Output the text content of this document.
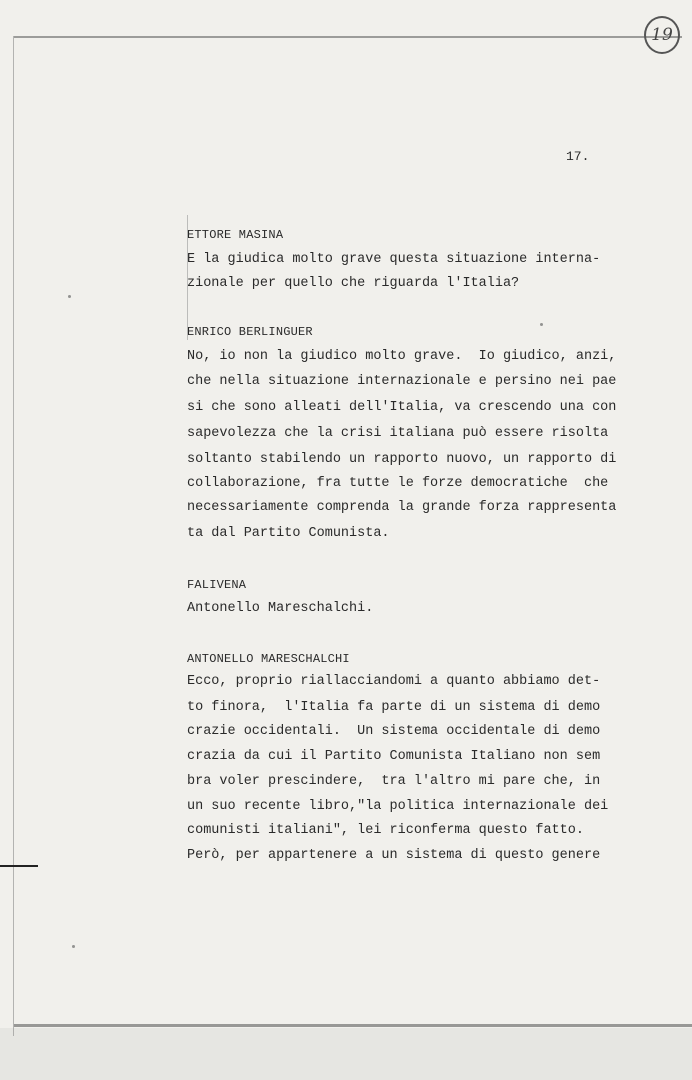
19
17.
ETTORE MASINA
E la giudica molto grave questa situazione interna-
zionale per quello che riguarda l'Italia?
ENRICO BERLINGUER
No, io non la giudico molto grave.  Io giudico, anzi,
che nella situazione internazionale e persino nei pae
si che sono alleati dell'Italia, va crescendo una con
sapevolezza che la crisi italiana può essere risolta
soltanto stabilendo un rapporto nuovo, un rapporto di
collaborazione, fra tutte le forze democratiche  che
necessariamente comprenda la grande forza rappresenta
ta dal Partito Comunista.
FALIVENA
Antonello Mareschalchi.
ANTONELLO MARESCHALCHI
Ecco, proprio riallacciandomi a quanto abbiamo det-
to finora,  l'Italia fa parte di un sistema di demo
crazie occidentali.  Un sistema occidentale di demo
crazia da cui il Partito Comunista Italiano non sem
bra voler prescindere,  tra l'altro mi pare che, in
un suo recente libro,"la politica internazionale dei
comunisti italiani", lei riconferma questo fatto.
Però, per appartenere a un sistema di questo genere
